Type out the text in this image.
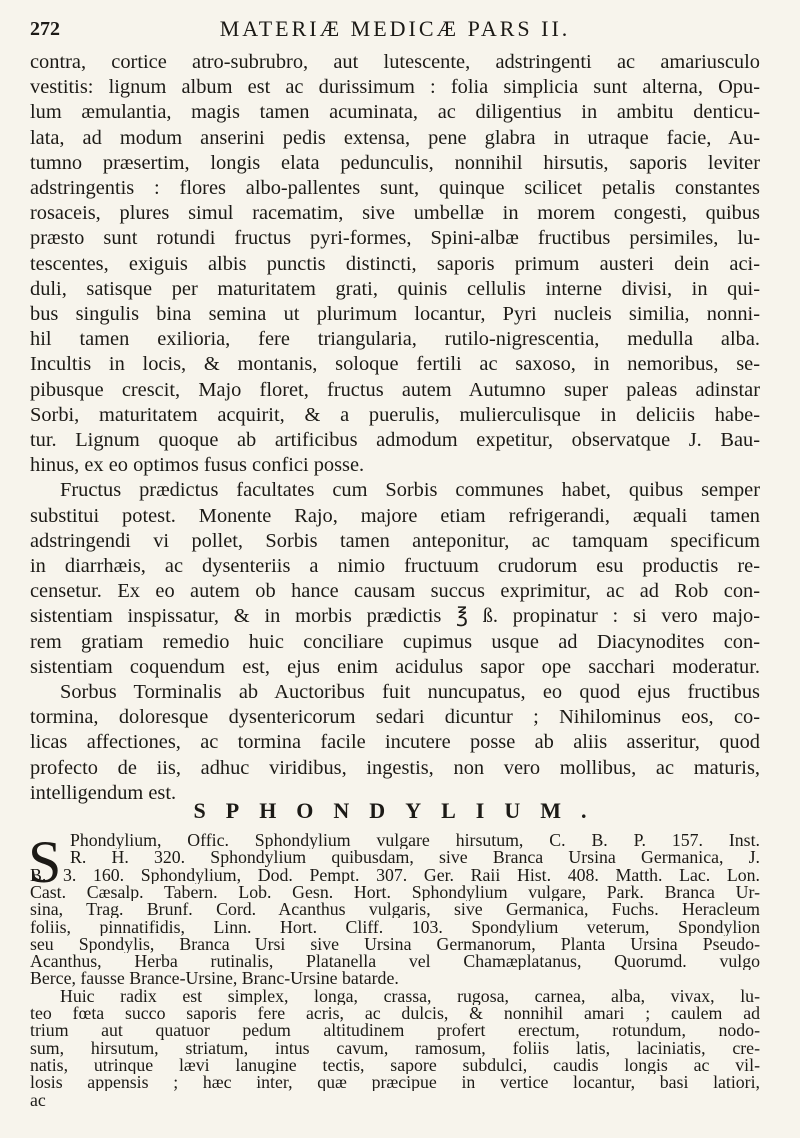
272	MATERIÆ MEDICÆ PARS II.
contra, cortice atro-subrubro, aut lutescente, adstringenti ac amariusculo
vestitis: lignum album est ac durissimum : folia simplicia sunt alterna, Opu-
lum æmulantia, magis tamen acuminata, ac diligentius in ambitu denticu-
lata, ad modum anserini pedis extensa, pene glabra in utraque facie, Au-
tumno præsertim, longis elata pedunculis, nonnihil hirsutis, saporis leviter
adstringentis : flores albo-pallentes sunt, quinque scilicet petalis constantes
rosaceis, plures simul racematim, sive umbellæ in morem congesti, quibus
præsto sunt rotundi fructus pyri-formes, Spini-albæ fructibus persimiles, lu-
tescentes, exiguis albis punctis distincti, saporis primum austeri dein aci-
duli, satisque per maturitatem grati, quinis cellulis interne divisi, in qui-
bus singulis bina semina ut plurimum locantur, Pyri nucleis similia, nonni-
hil tamen exilioria, fere triangularia, rutilo-nigrescentia, medulla alba.
Incultis in locis, & montanis, soloque fertili ac saxoso, in nemoribus, se-
pibusque crescit, Majo floret, fructus autem Autumno super paleas adinstar
Sorbi, maturitatem acquirit, & a puerulis, mulierculisque in deliciis habe-
tur. Lignum quoque ab artificibus admodum expetitur, observatque J. Bau-
hinus, ex eo optimos fusus confici posse.
Fructus prædictus facultates cum Sorbis communes habet, quibus semper
substitui potest. Monente Rajo, majore etiam refrigerandi, æquali tamen
adstringendi vi pollet, Sorbis tamen anteponitur, ac tamquam specificum
in diarrhæis, ac dysenteriis a nimio fructuum crudorum esu productis re-
censetur. Ex eo autem ob hance causam succus exprimitur, ac ad Rob con-
sistentiam inspissatur, & in morbis prædictis ℥ ß. propinatur : si vero majo-
rem gratiam remedio huic conciliare cupimus usque ad Diacynodites con-
sistentiam coquendum est, ejus enim acidulus sapor ope sacchari moderatur.
Sorbus Torminalis ab Auctoribus fuit nuncupatus, eo quod ejus fructibus
tormina, doloresque dysentericorum sedari dicuntur ; Nihilominus eos, co-
licas affectiones, ac tormina facile incutere posse ab aliis asseritur, quod
profecto de iis, adhuc viridibus, ingestis, non vero mollibus, ac maturis,
intelligendum est.
Phondylium, Offic. Sphondylium vulgare hirsutum, C. B. P. 157. Inst.
R. H. 320. Sphondylium quibusdam, sive Branca Ursina Germanica, J.
B. 3. 160. Sphondylium, Dod. Pempt. 307. Ger. Raii Hist. 408. Matth. Lac. Lon.
Cast. Cæsalp. Tabern. Lob. Gesn. Hort. Sphondylium vulgare, Park. Branca Ur-
sina, Trag. Brunf. Cord. Acanthus vulgaris, sive Germanica, Fuchs. Heracleum
foliis, pinnatifidis, Linn. Hort. Cliff. 103. Spondylium veterum, Spondylion
seu Spondylis, Branca Ursi sive Ursina Germanorum, Planta Ursina Pseudo-
Acanthus, Herba rutinalis, Platanella vel Chamæplatanus, Quorumd. vulgo
Berce, fausse Brance-Ursine, Branc-Ursine batarde.
Huic radix est simplex, longa, crassa, rugosa, carnea, alba, vivax, lu-
teo fœta succo saporis fere acris, ac dulcis, & nonnihil amari ; caulem ad
trium aut quatuor pedum altitudinem profert erectum, rotundum, nodo-
sum, hirsutum, striatum, intus cavum, ramosum, foliis latis, laciniatis, cre-
natis, utrinque lævi lanugine tectis, sapore subdulci, caudis longis ac vil-
losis appensis ; hæc inter, quæ præcipue in vertice locantur, basi latiori,
ac
SPHONDYLIUM.
S
